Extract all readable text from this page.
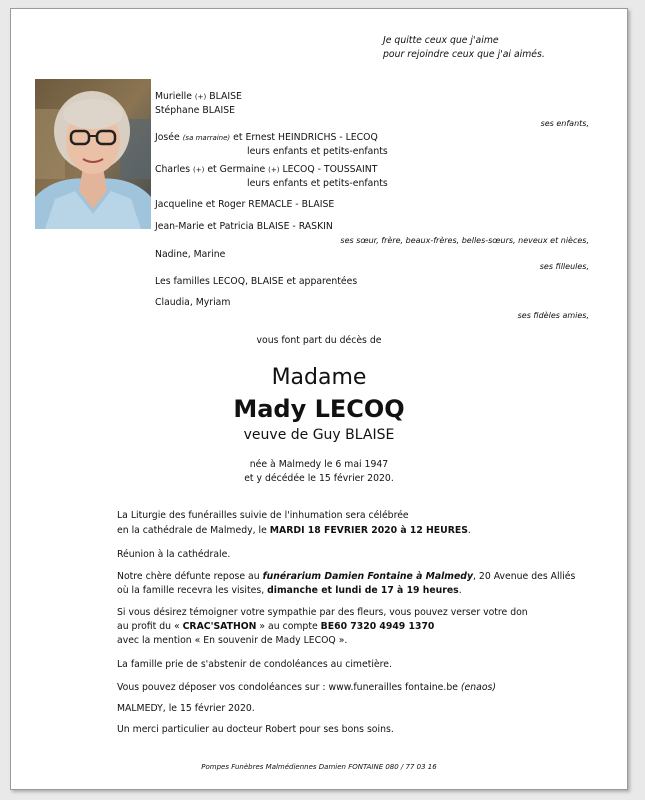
Je quitte ceux que j'aime
pour rejoindre ceux que j'ai aimés.
Murielle (+) BLAISE
Stéphane BLAISE
ses enfants,
Josée (sa marraine) et Ernest HEINDRICHS - LECOQ
leurs enfants et petits-enfants
Charles (+) et Germaine (+) LECOQ - TOUSSAINT
leurs enfants et petits-enfants
Jacqueline et Roger REMACLE - BLAISE
Jean-Marie et Patricia BLAISE - RASKIN
ses sœur, frère, beaux-frères, belles-sœurs, neveux et nièces,
Nadine, Marine
ses filleules,
Les familles LECOQ, BLAISE et apparentées
Claudia, Myriam
ses fidèles amies,
vous font part du décès de
Madame
Mady LECOQ
veuve de Guy BLAISE
née à Malmedy le 6 mai 1947
et y décédée le 15 février 2020.
La Liturgie des funérailles suivie de l'inhumation sera célébrée
en la cathédrale de Malmedy, le MARDI 18 FEVRIER 2020 à 12 HEURES.
Réunion à la cathédrale.
Notre chère défunte repose au funérarium Damien Fontaine à Malmedy, 20 Avenue des Alliés
où la famille recevra les visites, dimanche et lundi de 17 à 19 heures.
Si vous désirez témoigner votre sympathie par des fleurs, vous pouvez verser votre don
au profit du « CRAC'SATHON » au compte BE60 7320 4949 1370
avec la mention « En souvenir de Mady LECOQ ».
La famille prie de s'abstenir de condoléances au cimetière.
Vous pouvez déposer vos condoléances sur : www.funerailles fontaine.be (enaos)
MALMEDY, le 15 février 2020.
Un merci particulier au docteur Robert pour ses bons soins.
Pompes Funèbres Malmédiennes Damien FONTAINE 080 / 77 03 16
